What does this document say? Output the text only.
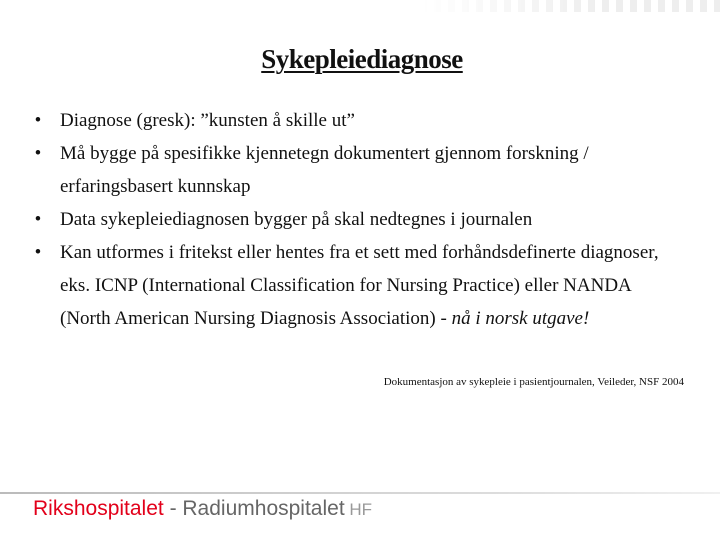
Sykepleiediagnose
• Diagnose (gresk): ”kunsten å skille ut”
• Må bygge på spesifikke kjennetegn dokumentert gjennom forskning / erfaringsbasert kunnskap
• Data sykepleiediagnosen bygger på skal nedtegnes i journalen
• Kan utformes i fritekst eller hentes fra et sett med forhåndsdefinerte diagnoser, eks. ICNP (International Classification for Nursing Practice) eller NANDA (North American Nursing Diagnosis Association) - nå i norsk utgave!
Dokumentasjon av sykepleie i pasientjournalen, Veileder, NSF 2004
Rikshospitalet - Radiumhospitalet HF
